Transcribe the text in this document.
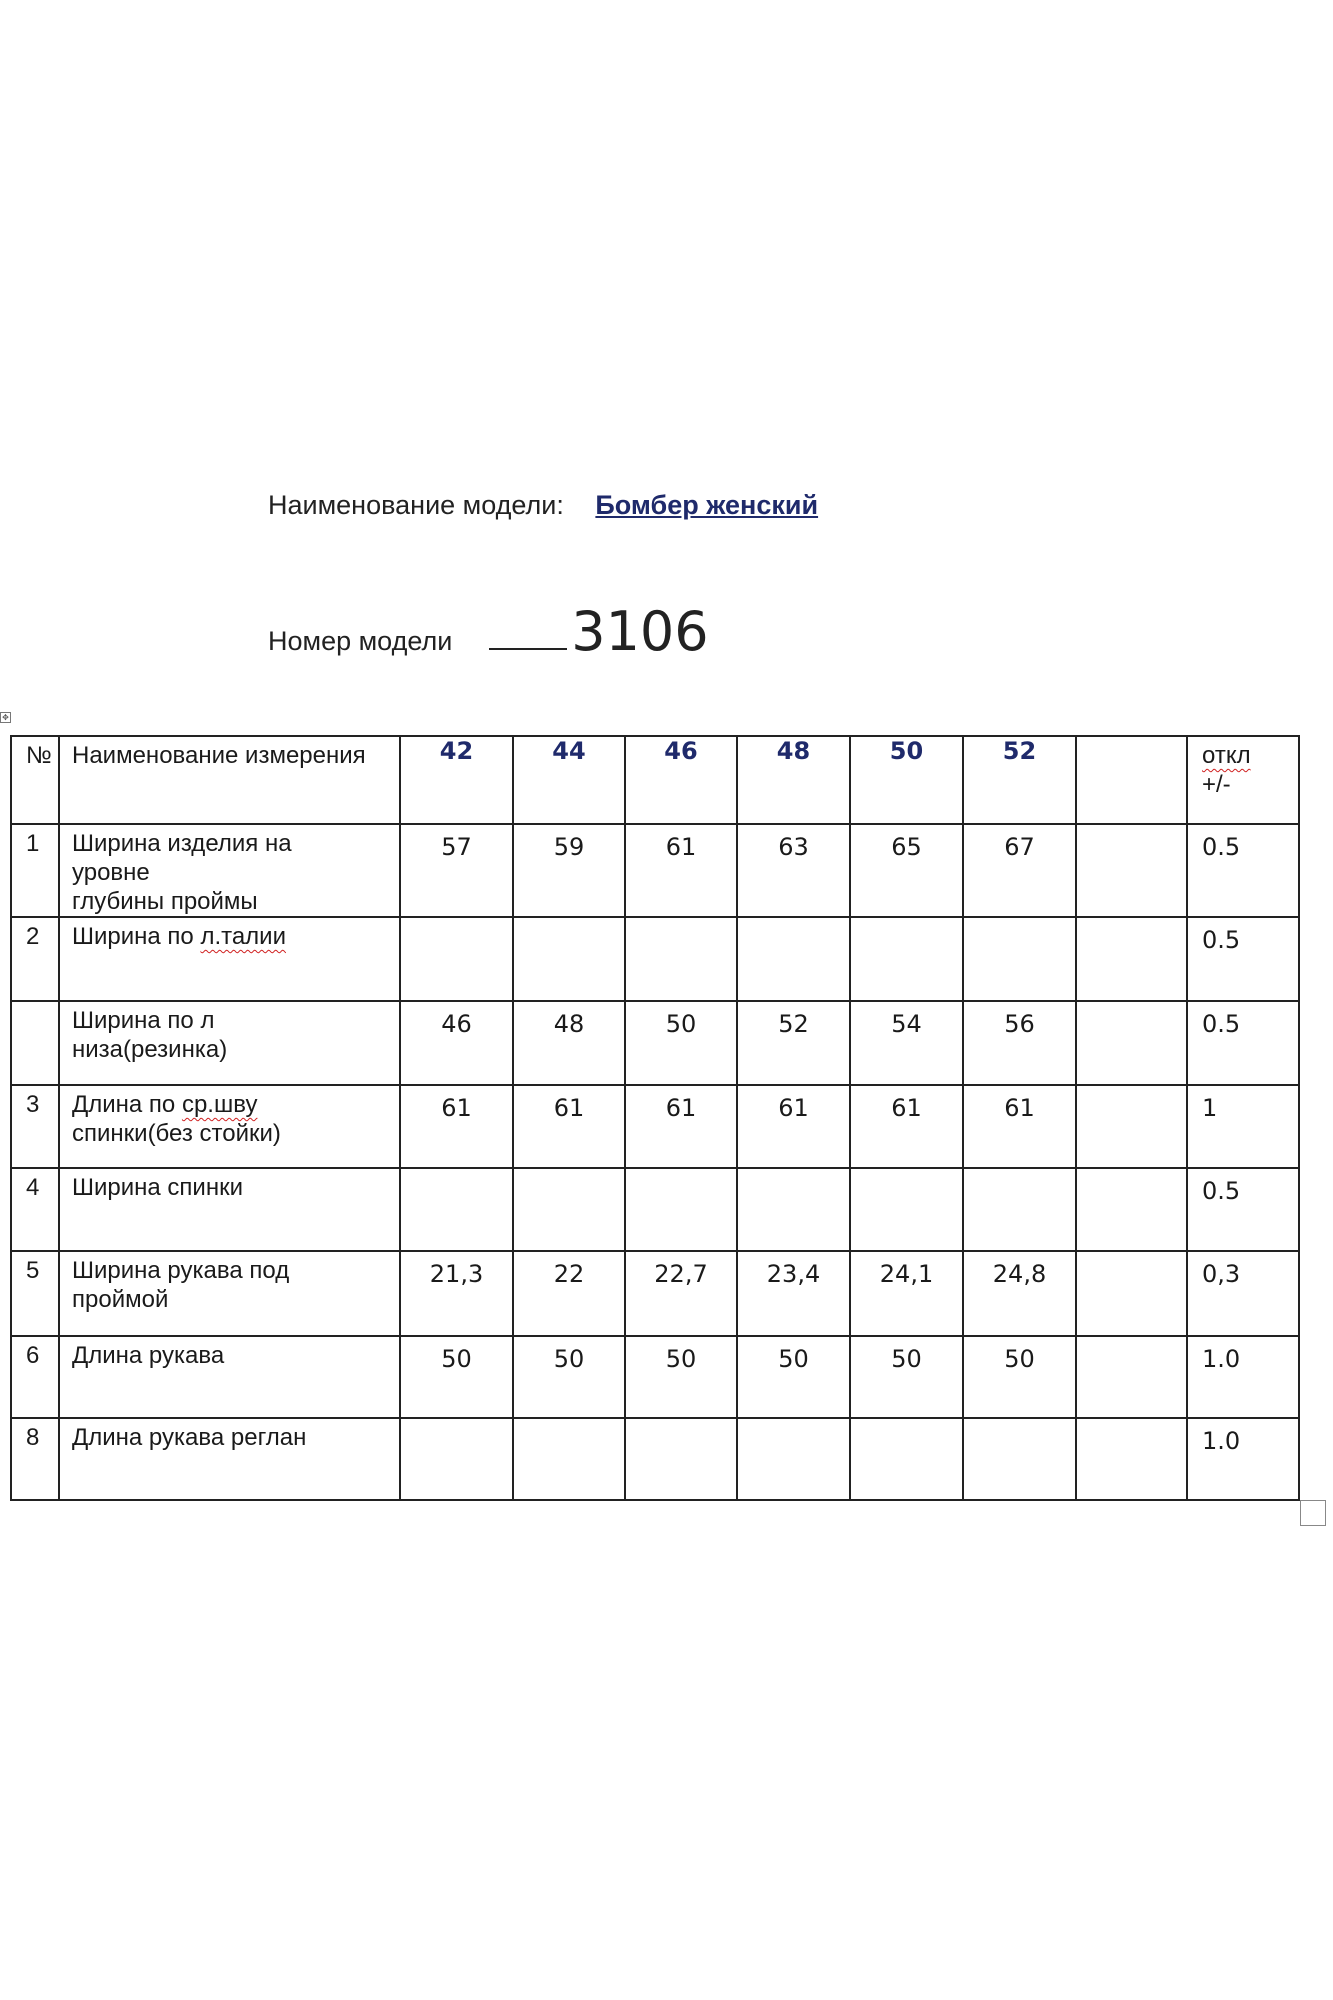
Наименование модели: Бомбер женский
Номер модели 3106
✥
№	Наименование измерения	42	44	46	48	50	52		откл
+/-
1	Ширина изделия на
уровне
глубины проймы	57	59	61	63	65	67		0.5
2	Ширина по л.талии								0.5
	Ширина по л
низа(резинка)	46	48	50	52	54	56		0.5
3	Длина по ср.шву
спинки(без стойки)	61	61	61	61	61	61		1
4	Ширина спинки								0.5
5	Ширина рукава под
проймой	21,3	22	22,7	23,4	24,1	24,8		0,3
6	Длина рукава	50	50	50	50	50	50		1.0
8	Длина рукава реглан								1.0
